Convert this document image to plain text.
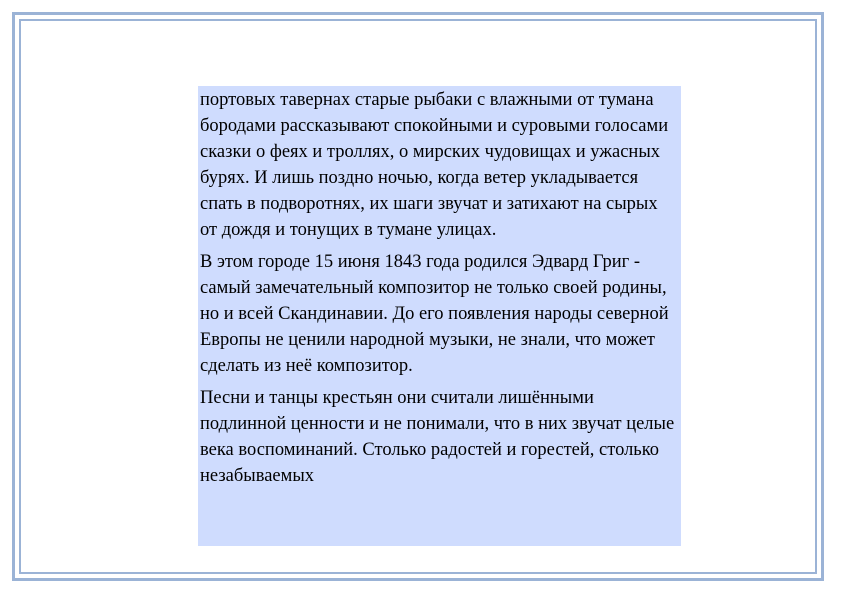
портовых тавернах старые рыбаки с влажными от тумана бородами рассказывают спокойными и суровыми голосами сказки о феях и троллях, о мирских чудовищах и ужасных бурях. И лишь поздно ночью, когда ветер укладывается спать в подворотнях, их шаги звучат и затихают на сырых от дождя и тонущих в тумане улицах.

В этом городе 15 июня 1843 года родился Эдвард Григ - самый замечательный композитор не только своей родины, но и всей Скандинавии. До его появления народы северной Европы не ценили народной музыки, не знали, что может сделать из неё композитор.

Песни и танцы крестьян они считали лишёнными подлинной ценности и не понимали, что в них звучат целые века воспоминаний. Столько радостей и горестей, столько незабываемых
